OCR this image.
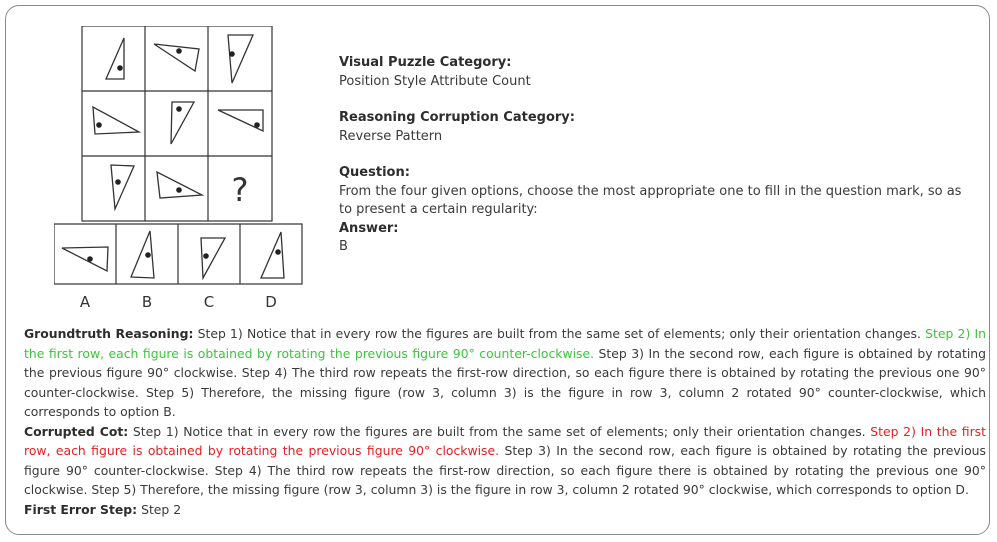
?
A	B	C	D
Visual Puzzle Category:
Position Style Attribute Count
Reasoning Corruption Category:
Reverse Pattern
Question:
From the four given options, choose the most appropriate one to fill in the question mark, so as
to present a certain regularity:
Answer:
B
Groundtruth Reasoning: Step 1) Notice that in every row the figures are built from the same set of elements; only their orientation changes. Step 2) In the first row, each figure is obtained by rotating the previous figure 90° counter-clockwise. Step 3) In the second row, each figure is obtained by rotating the previous figure 90° clockwise. Step 4) The third row repeats the first-row direction, so each figure there is obtained by rotating the previous one 90° counter-clockwise. Step 5) Therefore, the missing figure (row 3, column 3) is the figure in row 3, column 2 rotated 90° counter-clockwise, which corresponds to option B.
Corrupted Cot: Step 1) Notice that in every row the figures are built from the same set of elements; only their orientation changes. Step 2) In the first row, each figure is obtained by rotating the previous figure 90° clockwise. Step 3) In the second row, each figure is obtained by rotating the previous figure 90° counter-clockwise. Step 4) The third row repeats the first-row direction, so each figure there is obtained by rotating the previous one 90° clockwise. Step 5) Therefore, the missing figure (row 3, column 3) is the figure in row 3, column 2 rotated 90° clockwise, which corresponds to option D.
First Error Step: Step 2
